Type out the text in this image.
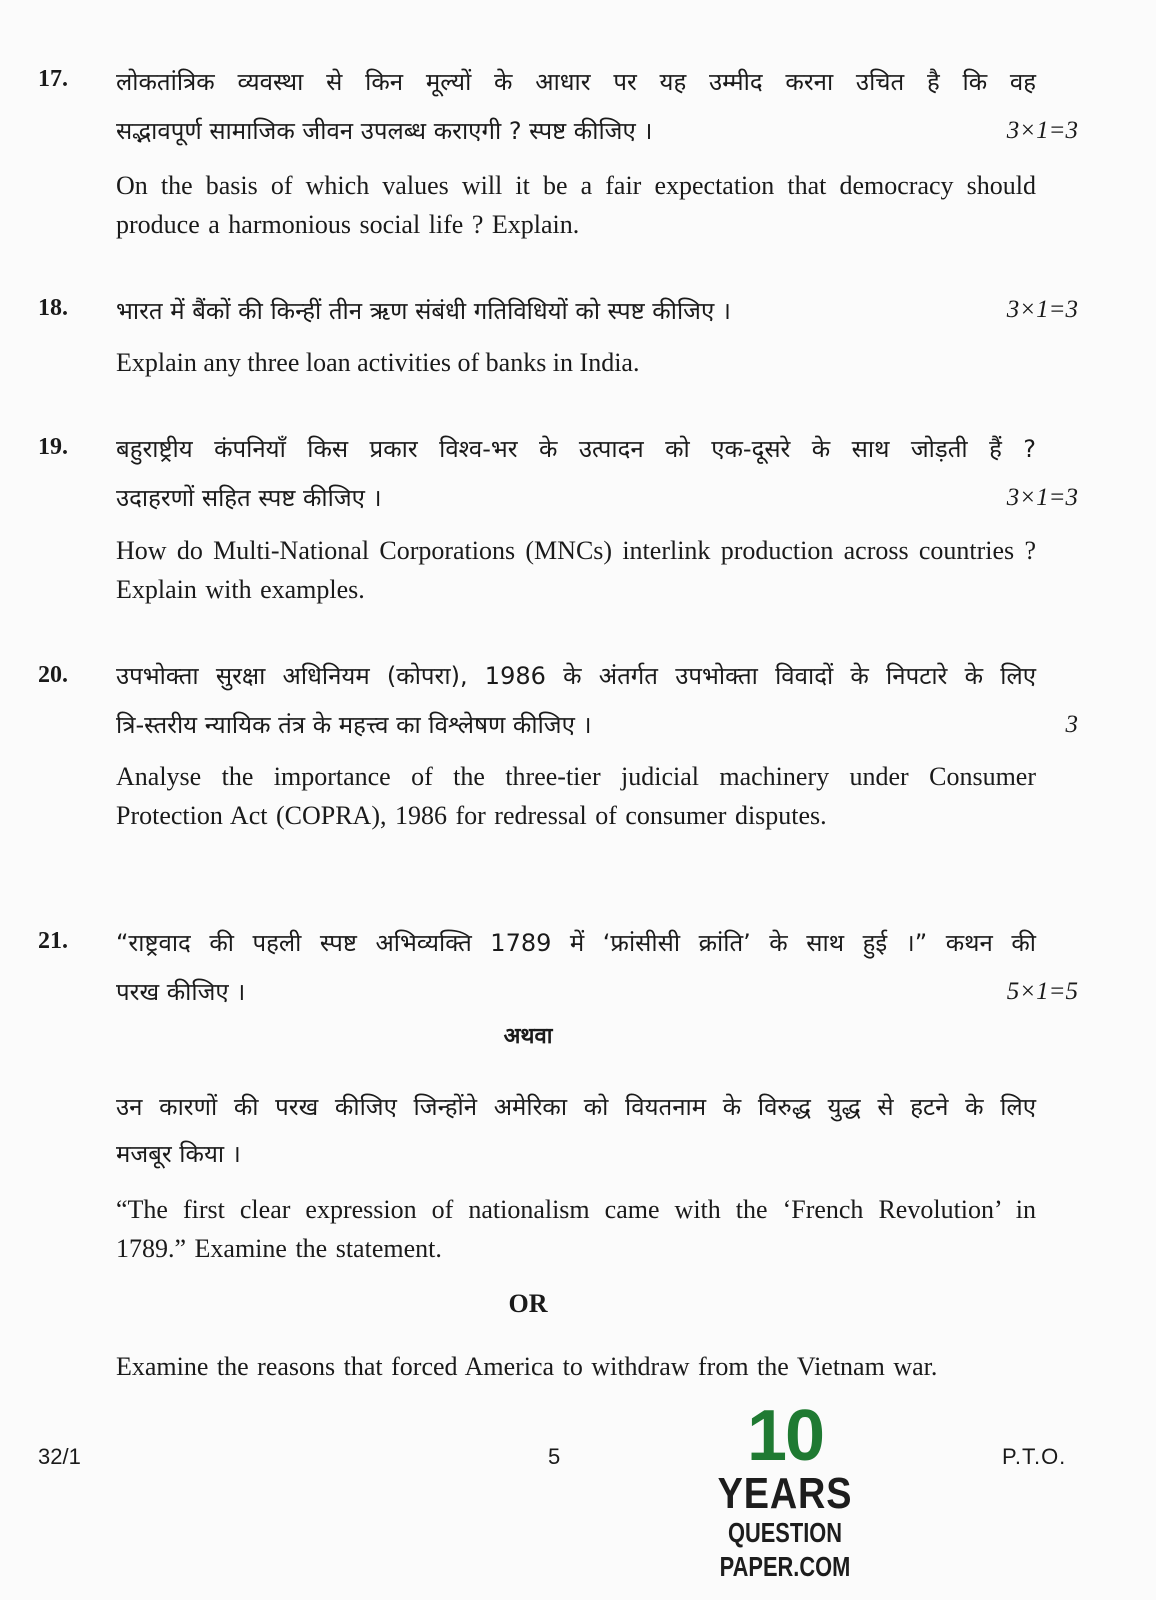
17. लोकतांत्रिक व्यवस्था से किन मूल्यों के आधार पर यह उम्मीद करना उचित है कि वह
सद्भावपूर्ण सामाजिक जीवन उपलब्ध कराएगी ? स्पष्ट कीजिए ।	3×1=3
On the basis of which values will it be a fair expectation that democracy should produce a harmonious social life ? Explain.
18. भारत में बैंकों की किन्हीं तीन ऋण संबंधी गतिविधियों को स्पष्ट कीजिए ।	3×1=3
Explain any three loan activities of banks in India.
19. बहुराष्ट्रीय कंपनियाँ किस प्रकार विश्व-भर के उत्पादन को एक-दूसरे के साथ जोड़ती हैं ?
उदाहरणों सहित स्पष्ट कीजिए ।	3×1=3
How do Multi-National Corporations (MNCs) interlink production across countries ? Explain with examples.
20. उपभोक्ता सुरक्षा अधिनियम (कोपरा), 1986 के अंतर्गत उपभोक्ता विवादों के निपटारे के लिए
त्रि-स्तरीय न्यायिक तंत्र के महत्त्व का विश्लेषण कीजिए ।	3
Analyse the importance of the three-tier judicial machinery under Consumer Protection Act (COPRA), 1986 for redressal of consumer disputes.
21. “राष्ट्रवाद की पहली स्पष्ट अभिव्यक्ति 1789 में ‘फ्रांसीसी क्रांति’ के साथ हुई ।” कथन की
परख कीजिए ।	5×1=5
अथवा
उन कारणों की परख कीजिए जिन्होंने अमेरिका को वियतनाम के विरुद्ध युद्ध से हटने के लिए
मजबूर किया ।
“The first clear expression of nationalism came with the ‘French Revolution’ in 1789.” Examine the statement.
OR
Examine the reasons that forced America to withdraw from the Vietnam war.
32/1	5	P.T.O.
10
YEARS
QUESTION PAPER.COM
